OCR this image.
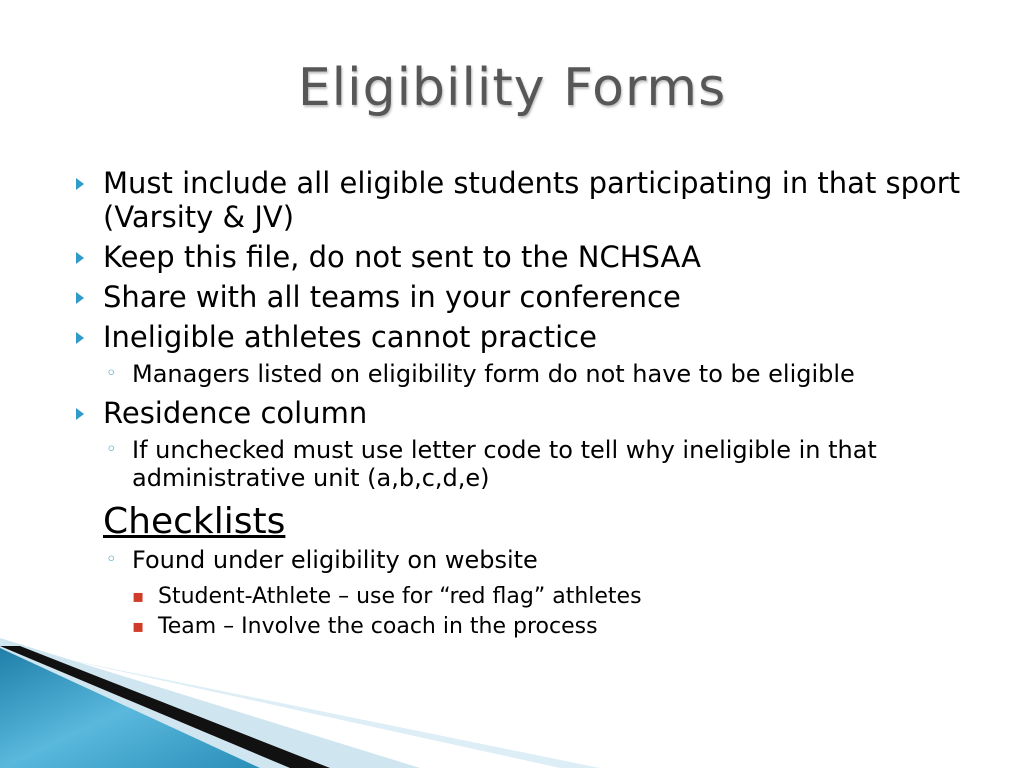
Eligibility Forms
Must include all eligible students participating in that sport (Varsity & JV)
Keep this file, do not sent to the NCHSAA
Share with all teams in your conference
Ineligible athletes cannot practice
◦ Managers listed on eligibility form do not have to be eligible
Residence column
◦ If unchecked must use letter code to tell why ineligible in that administrative unit (a,b,c,d,e)
Checklists
◦ Found under eligibility on website
▪ Student-Athlete – use for “red flag” athletes
▪ Team – Involve the coach in the process
